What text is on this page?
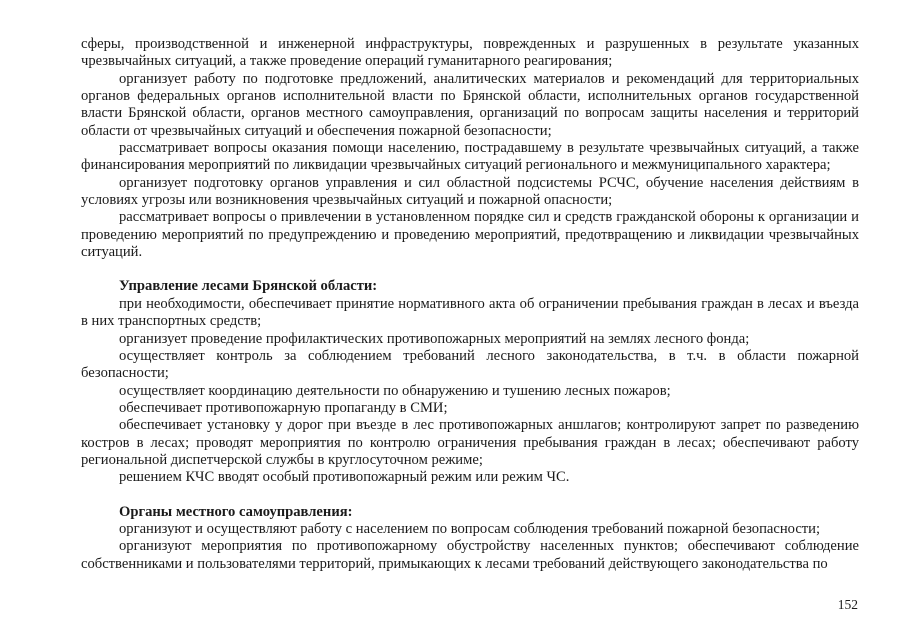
сферы, производственной и инженерной инфраструктуры, поврежденных и разрушенных в результате указанных чрезвычайных ситуаций, а также проведение операций гуманитарного реагирования;

организует работу по подготовке предложений, аналитических материалов и рекомендаций для территориальных органов федеральных органов исполнительной власти по Брянской области, исполнительных органов государственной власти Брянской области, органов местного самоуправления, организаций по вопросам защиты населения и территорий области от чрезвычайных ситуаций и обеспечения пожарной безопасности;

рассматривает вопросы оказания помощи населению, пострадавшему в результате чрезвычайных ситуаций, а также финансирования мероприятий по ликвидации чрезвычайных ситуаций регионального и межмуниципального характера;

организует подготовку органов управления и сил областной подсистемы РСЧС, обучение населения действиям в условиях угрозы или возникновения чрезвычайных ситуаций и пожарной опасности;

рассматривает вопросы о привлечении в установленном порядке сил и средств гражданской обороны к организации и проведению мероприятий по предупреждению и проведению мероприятий, предотвращению и ликвидации чрезвычайных ситуаций.

Управление лесами Брянской области:

при необходимости, обеспечивает принятие нормативного акта об ограничении пребывания граждан в лесах и въезда в них транспортных средств;

организует проведение профилактических противопожарных мероприятий на землях лесного фонда;

осуществляет контроль за соблюдением требований лесного законодательства, в т.ч. в области пожарной безопасности;

осуществляет координацию деятельности по обнаружению и тушению лесных пожаров;

обеспечивает противопожарную пропаганду в СМИ;

обеспечивает установку у дорог при въезде в лес противопожарных аншлагов; контролируют запрет по разведению костров в лесах; проводят мероприятия по контролю ограничения пребывания граждан в лесах; обеспечивают работу региональной диспетчерской службы в круглосуточном режиме;

решением КЧС вводят особый противопожарный режим или режим ЧС.

Органы местного самоуправления:

организуют и осуществляют работу с населением по вопросам соблюдения требований пожарной безопасности;

организуют мероприятия по противопожарному обустройству населенных пунктов; обеспечивают соблюдение собственниками и пользователями территорий, примыкающих к лесами требований действующего законодательства по

152
